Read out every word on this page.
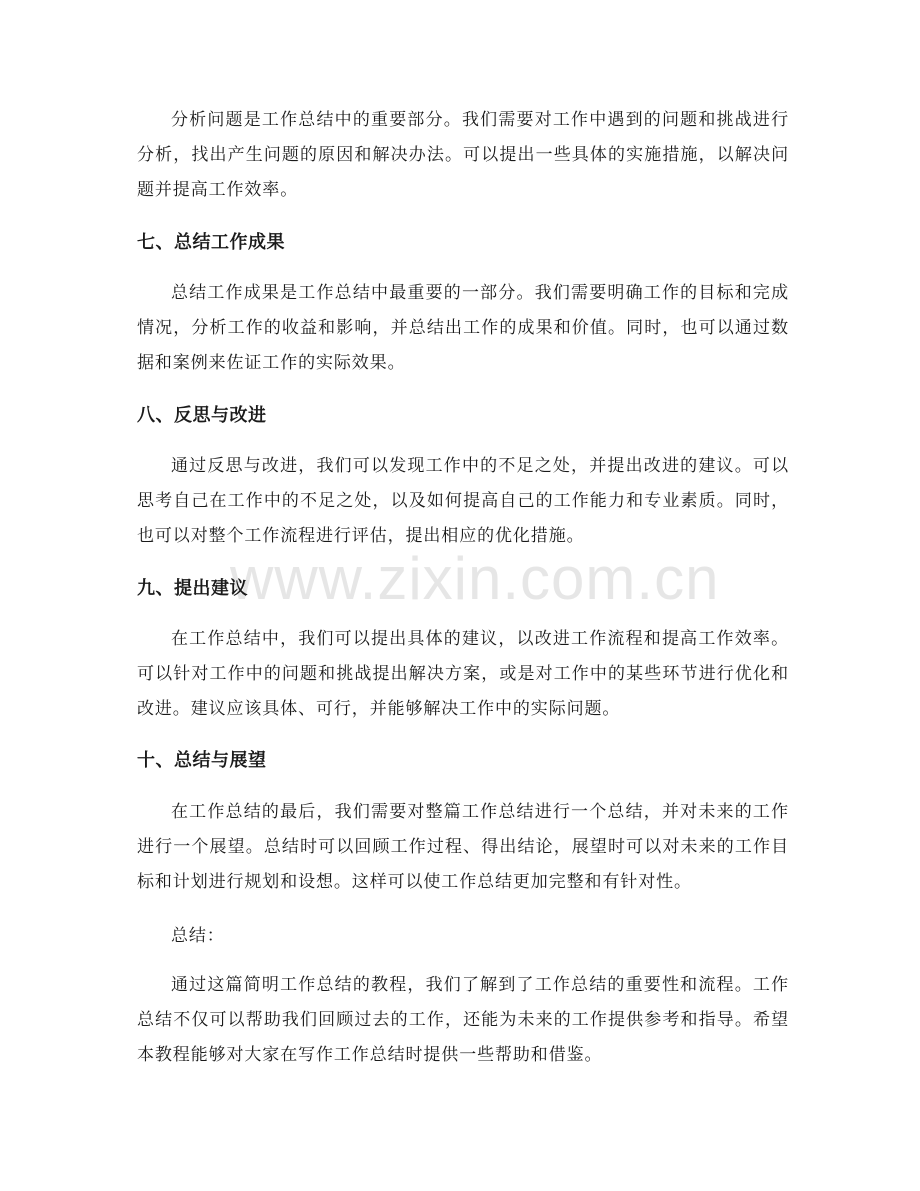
www.zixin.com.cn

分析问题是工作总结中的重要部分。我们需要对工作中遇到的问题和挑战进行分析，找出产生问题的原因和解决办法。可以提出一些具体的实施措施，以解决问题并提高工作效率。

七、总结工作成果

总结工作成果是工作总结中最重要的一部分。我们需要明确工作的目标和完成情况，分析工作的收益和影响，并总结出工作的成果和价值。同时，也可以通过数据和案例来佐证工作的实际效果。

八、反思与改进

通过反思与改进，我们可以发现工作中的不足之处，并提出改进的建议。可以思考自己在工作中的不足之处，以及如何提高自己的工作能力和专业素质。同时，也可以对整个工作流程进行评估，提出相应的优化措施。

九、提出建议

在工作总结中，我们可以提出具体的建议，以改进工作流程和提高工作效率。可以针对工作中的问题和挑战提出解决方案，或是对工作中的某些环节进行优化和改进。建议应该具体、可行，并能够解决工作中的实际问题。

十、总结与展望

在工作总结的最后，我们需要对整篇工作总结进行一个总结，并对未来的工作进行一个展望。总结时可以回顾工作过程、得出结论，展望时可以对未来的工作目标和计划进行规划和设想。这样可以使工作总结更加完整和有针对性。

总结：

通过这篇简明工作总结的教程，我们了解到了工作总结的重要性和流程。工作总结不仅可以帮助我们回顾过去的工作，还能为未来的工作提供参考和指导。希望本教程能够对大家在写作工作总结时提供一些帮助和借鉴。
